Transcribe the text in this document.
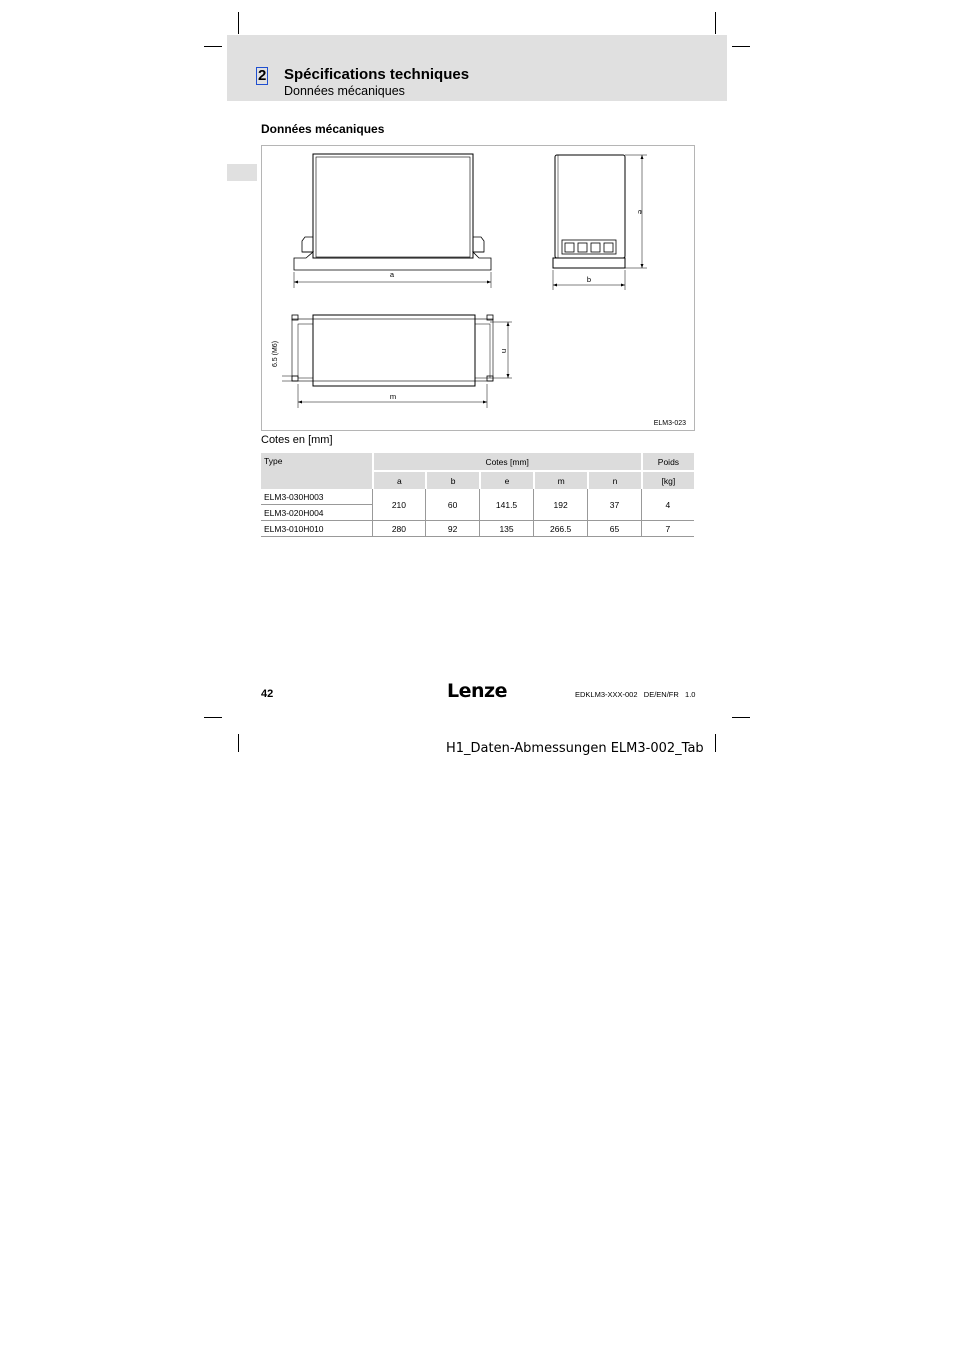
2 Spécifications techniques
Données mécaniques
Données mécaniques
a
b
e
m
n
6.5 (M6)
ELM3-023
Cotes en [mm]
Type	Cotes [mm]					Poids
	a	b	e	m	n	[kg]
ELM3-030H003	210	60	141.5	192	37	4
ELM3-020H004						
ELM3-010H010	280	92	135	266.5	65	7
42	Lenze	EDKLM3-XXX-002   DE/EN/FR   1.0
H1_Daten-Abmessungen ELM3-002_Tab
